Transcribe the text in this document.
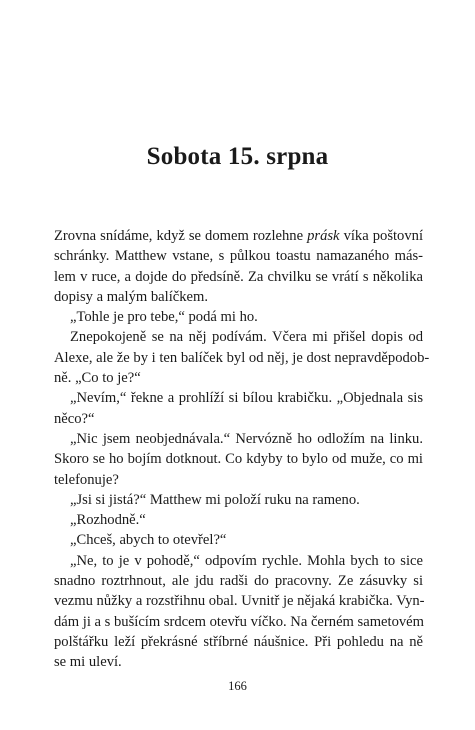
Sobota 15. srpna
Zrovna snídáme, když se domem rozlehne prásk víka poštovní
schránky. Matthew vstane, s půlkou toastu namazaného más-
lem v ruce, a dojde do předsíně. Za chvilku se vrátí s několika
dopisy a malým balíčkem.
„Tohle je pro tebe,“ podá mi ho.
Znepokojeně se na něj podívám. Včera mi přišel dopis od
Alexe, ale že by i ten balíček byl od něj, je dost nepravděpodob-
ně. „Co to je?“
„Nevím,“ řekne a prohlíží si bílou krabičku. „Objednala sis
něco?“
„Nic jsem neobjednávala.“ Nervózně ho odložím na linku.
Skoro se ho bojím dotknout. Co kdyby to bylo od muže, co mi
telefonuje?
„Jsi si jistá?“ Matthew mi položí ruku na rameno.
„Rozhodně.“
„Chceš, abych to otevřel?“
„Ne, to je v pohodě,“ odpovím rychle. Mohla bych to sice
snadno roztrhnout, ale jdu radši do pracovny. Ze zásuvky si
vezmu nůžky a rozstřihnu obal. Uvnitř je nějaká krabička. Vyn-
dám ji a s bušícím srdcem otevřu víčko. Na černém sametovém
polštářku leží překrásné stříbrné náušnice. Při pohledu na ně
se mi uleví.
166
